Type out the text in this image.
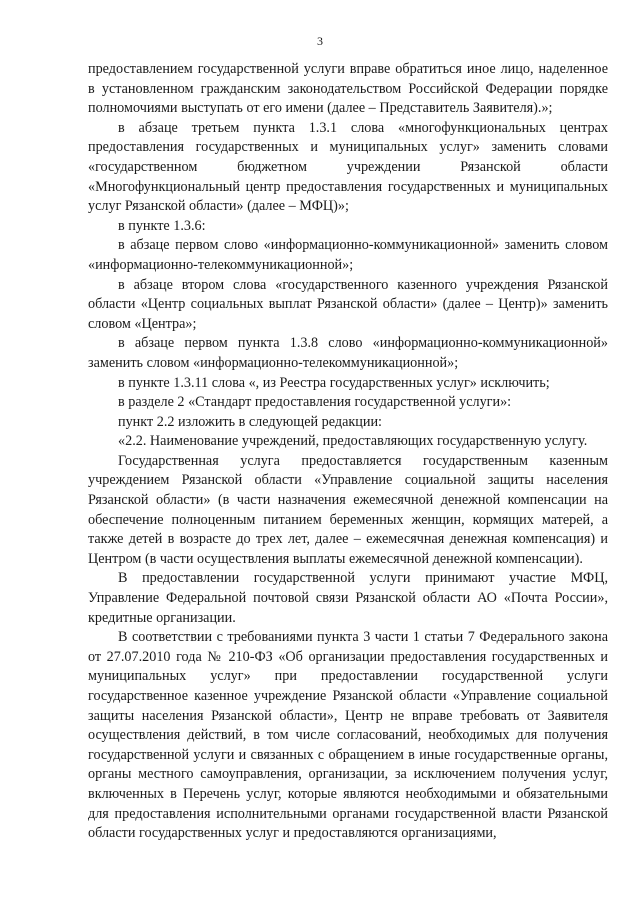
3

предоставлением государственной услуги вправе обратиться иное лицо, наделенное в установленном гражданским законодательством Российской Федерации порядке полномочиями выступать от его имени (далее – Представитель Заявителя).»;

в абзаце третьем пункта 1.3.1 слова «многофункциональных центрах предоставления государственных и муниципальных услуг» заменить словами «государственном бюджетном учреждении Рязанской области «Многофункциональный центр предоставления государственных и муниципальных услуг Рязанской области» (далее – МФЦ)»;

в пункте 1.3.6:

в абзаце первом слово «информационно-коммуникационной» заменить словом «информационно-телекоммуникационной»;

в абзаце втором слова «государственного казенного учреждения Рязанской области «Центр социальных выплат Рязанской области» (далее – Центр)» заменить словом «Центра»;

в абзаце первом пункта 1.3.8 слово «информационно-коммуникационной» заменить словом «информационно-телекоммуникационной»;

в пункте 1.3.11 слова «, из Реестра государственных услуг» исключить;

в разделе 2 «Стандарт предоставления государственной услуги»:

пункт 2.2 изложить в следующей редакции:

«2.2. Наименование учреждений, предоставляющих государственную услугу.

Государственная услуга предоставляется государственным казенным учреждением Рязанской области «Управление социальной защиты населения Рязанской области» (в части назначения ежемесячной денежной компенсации на обеспечение полноценным питанием беременных женщин, кормящих матерей, а также детей в возрасте до трех лет, далее – ежемесячная денежная компенсация) и Центром (в части осуществления выплаты ежемесячной денежной компенсации).

В предоставлении государственной услуги принимают участие МФЦ, Управление Федеральной почтовой связи Рязанской области АО «Почта России», кредитные организации.

В соответствии с требованиями пункта 3 части 1 статьи 7 Федерального закона от 27.07.2010 года № 210-ФЗ «Об организации предоставления государственных и муниципальных услуг» при предоставлении государственной услуги государственное казенное учреждение Рязанской области «Управление социальной защиты населения Рязанской области», Центр не вправе требовать от Заявителя осуществления действий, в том числе согласований, необходимых для получения государственной услуги и связанных с обращением в иные государственные органы, органы местного самоуправления, организации, за исключением получения услуг, включенных в Перечень услуг, которые являются необходимыми и обязательными для предоставления исполнительными органами государственной власти Рязанской области государственных услуг и предоставляются организациями,
